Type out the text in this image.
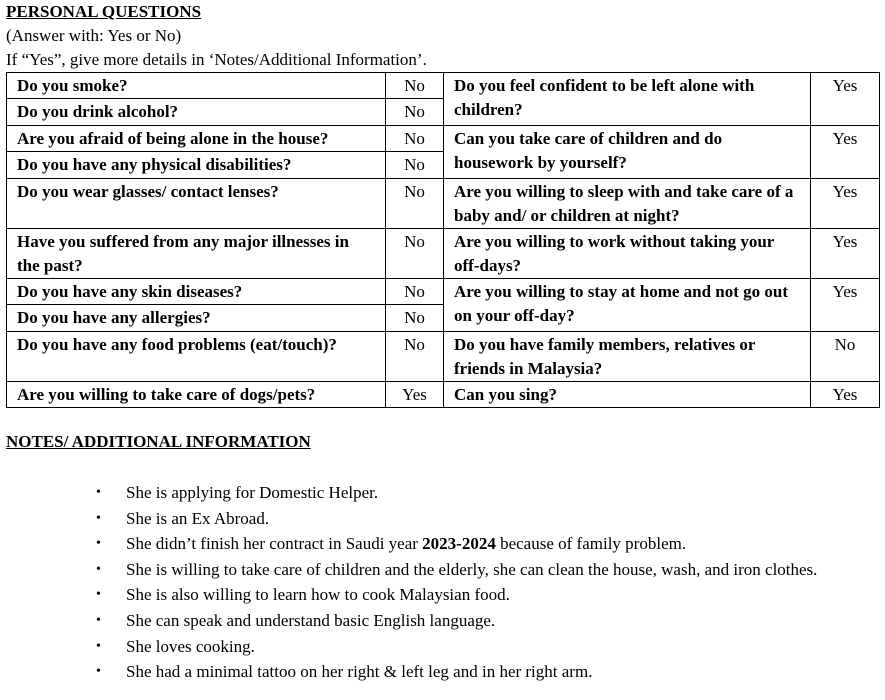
PERSONAL QUESTIONS
(Answer with: Yes or No)
If “Yes”, give more details in ‘Notes/Additional Information’.
Do you smoke?	No	Do you feel confident to be left alone with children?	Yes
Do you drink alcohol?	No		
Are you afraid of being alone in the house?	No	Can you take care of children and do housework by yourself?	Yes
Do you have any physical disabilities?	No		
Do you wear glasses/ contact lenses?	No	Are you willing to sleep with and take care of a baby and/ or children at night?	Yes
Have you suffered from any major illnesses in the past?	No	Are you willing to work without taking your off-days?	Yes
Do you have any skin diseases?	No	Are you willing to stay at home and not go out on your off-day?	Yes
Do you have any allergies?	No		
Do you have any food problems (eat/touch)?	No	Do you have family members, relatives or friends in Malaysia?	No
Are you willing to take care of dogs/pets?	Yes	Can you sing?	Yes
NOTES/ ADDITIONAL INFORMATION
• She is applying for Domestic Helper.
• She is an Ex Abroad.
• She didn’t finish her contract in Saudi year 2023-2024 because of family problem.
• She is willing to take care of children and the elderly, she can clean the house, wash, and iron clothes.
• She is also willing to learn how to cook Malaysian food.
• She can speak and understand basic English language.
• She loves cooking.
• She had a minimal tattoo on her right & left leg and in her right arm.
